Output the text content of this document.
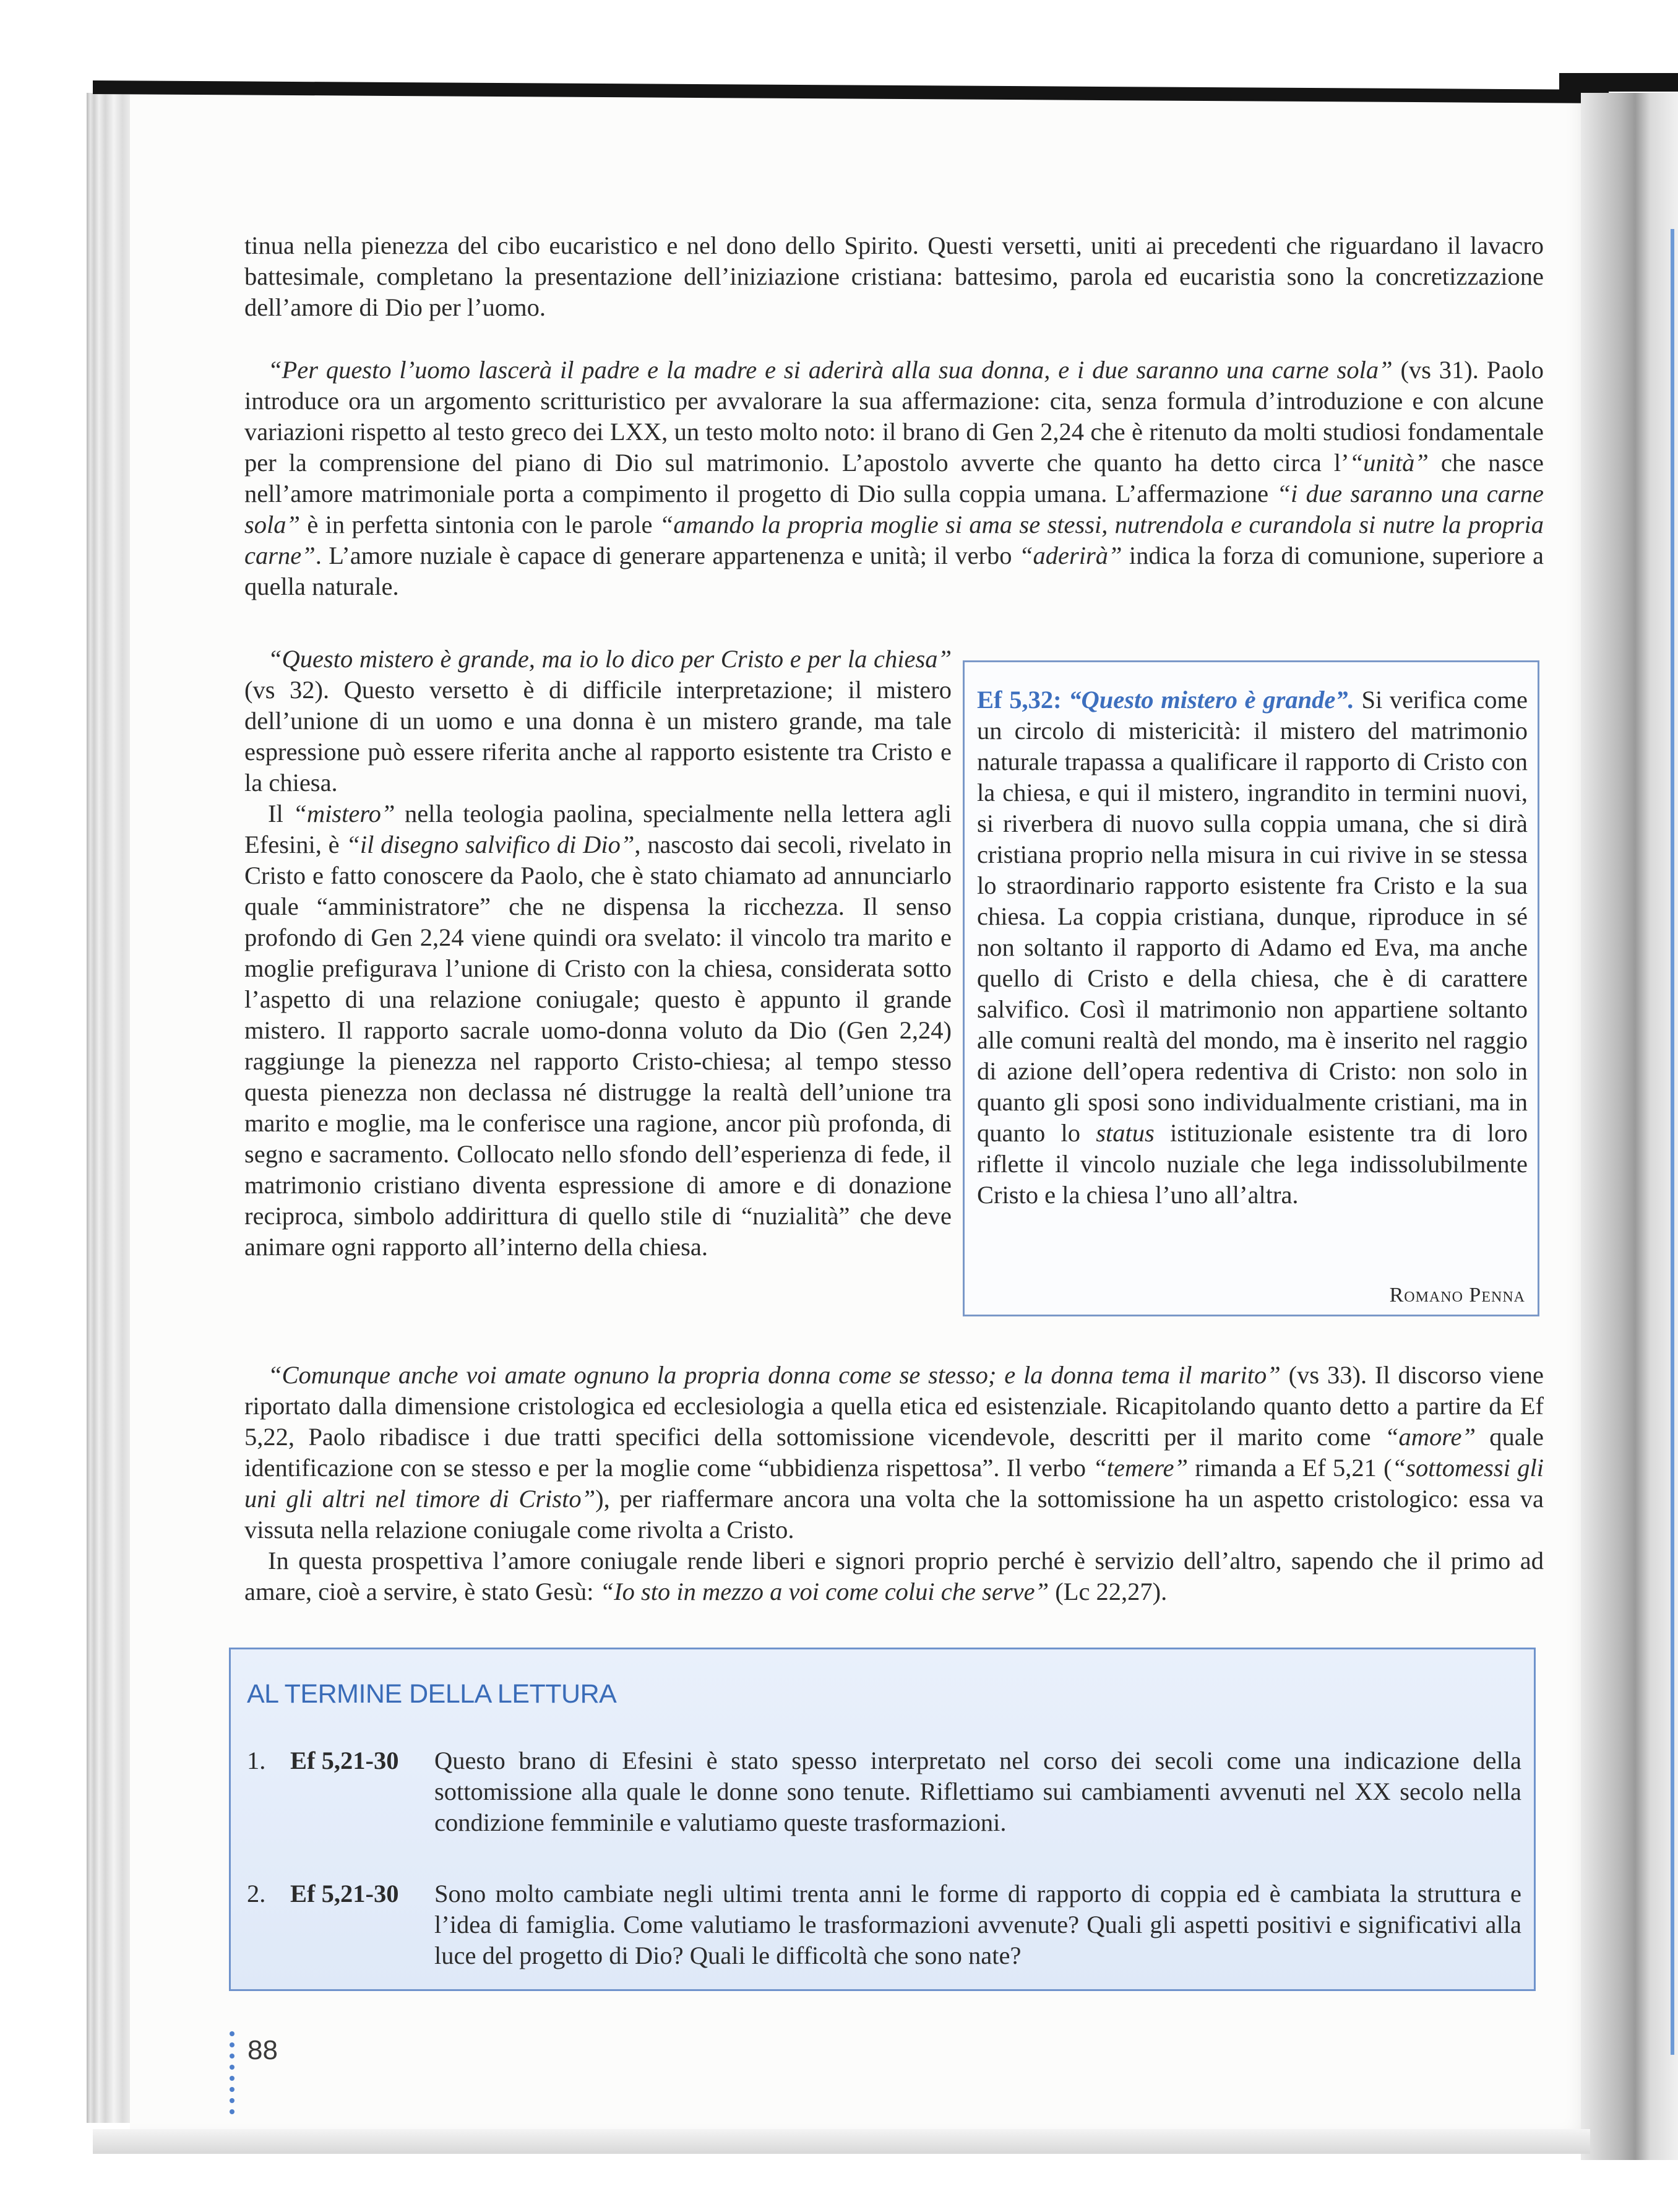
tinua nella pienezza del cibo eucaristico e nel dono dello Spirito. Questi versetti, uniti ai precedenti che riguardano il lavacro battesimale, completano la presentazione dell’iniziazione cristiana: battesimo, parola ed eucaristia sono la concretizzazione dell’amore di Dio per l’uomo.

“Per questo l’uomo lascerà il padre e la madre e si aderirà alla sua donna, e i due saranno una carne sola” (vs 31). Paolo introduce ora un argomento scritturistico per avvalorare la sua affermazione: cita, senza formula d’introduzione e con alcune variazioni rispetto al testo greco dei LXX, un testo molto noto: il brano di Gen 2,24 che è ritenuto da molti studiosi fondamentale per la comprensione del piano di Dio sul matrimonio. L’apostolo avverte che quanto ha detto circa l’“unità” che nasce nell’amore matrimoniale porta a compimento il progetto di Dio sulla coppia umana. L’affermazione “i due saranno una carne sola” è in perfetta sintonia con le parole “amando la propria moglie si ama se stessi, nutrendola e curandola si nutre la propria carne”. L’amore nuziale è capace di generare appartenenza e unità; il verbo “aderirà” indica la forza di comunione, superiore a quella naturale.

“Questo mistero è grande, ma io lo dico per Cristo e per la chiesa” (vs 32). Questo versetto è di difficile interpretazione; il mistero dell’unione di un uomo e una donna è un mistero grande, ma tale espressione può essere riferita anche al rapporto esistente tra Cristo e la chiesa.

Il “mistero” nella teologia paolina, specialmente nella lettera agli Efesini, è “il disegno salvifico di Dio”, nascosto dai secoli, rivelato in Cristo e fatto conoscere da Paolo, che è stato chiamato ad annunciarlo quale “amministratore” che ne dispensa la ricchezza. Il senso profondo di Gen 2,24 viene quindi ora svelato: il vincolo tra marito e moglie prefigurava l’unione di Cristo con la chiesa, considerata sotto l’aspetto di una relazione coniugale; questo è appunto il grande mistero. Il rapporto sacrale uomo-donna voluto da Dio (Gen 2,24) raggiunge la pienezza nel rapporto Cristo-chiesa; al tempo stesso questa pienezza non declassa né distrugge la realtà dell’unione tra marito e moglie, ma le conferisce una ragione, ancor più profonda, di segno e sacramento. Collocato nello sfondo dell’esperienza di fede, il matrimonio cristiano diventa espressione di amore e di donazione reciproca, simbolo addirittura di quello stile di “nuzialità” che deve animare ogni rapporto all’interno della chiesa.

Ef 5,32: “Questo mistero è grande”. Si verifica come un circolo di mistericità: il mistero del matrimonio naturale trapassa a qualificare il rapporto di Cristo con la chiesa, e qui il mistero, ingrandito in termini nuovi, si riverbera di nuovo sulla coppia umana, che si dirà cristiana proprio nella misura in cui rivive in se stessa lo straordinario rapporto esistente fra Cristo e la sua chiesa. La coppia cristiana, dunque, riproduce in sé non soltanto il rapporto di Adamo ed Eva, ma anche quello di Cristo e della chiesa, che è di carattere salvifico. Così il matrimonio non appartiene soltanto alle comuni realtà del mondo, ma è inserito nel raggio di azione dell’opera redentiva di Cristo: non solo in quanto gli sposi sono individualmente cristiani, ma in quanto lo status istituzionale esistente tra di loro riflette il vincolo nuziale che lega indissolubilmente Cristo e la chiesa l’uno all’altra.
Romano Penna

“Comunque anche voi amate ognuno la propria donna come se stesso; e la donna tema il marito” (vs 33). Il discorso viene riportato dalla dimensione cristologica ed ecclesiologia a quella etica ed esistenziale. Ricapitolando quanto detto a partire da Ef 5,22, Paolo ribadisce i due tratti specifici della sottomissione vicendevole, descritti per il marito come “amore” quale identificazione con se stesso e per la moglie come “ubbidienza rispettosa”. Il verbo “temere” rimanda a Ef 5,21 (“sottomessi gli uni gli altri nel timore di Cristo”), per riaffermare ancora una volta che la sottomissione ha un aspetto cristologico: essa va vissuta nella relazione coniugale come rivolta a Cristo.

In questa prospettiva l’amore coniugale rende liberi e signori proprio perché è servizio dell’altro, sapendo che il primo ad amare, cioè a servire, è stato Gesù: “Io sto in mezzo a voi come colui che serve” (Lc 22,27).

AL TERMINE DELLA LETTURA
1. Ef 5,21-30 Questo brano di Efesini è stato spesso interpretato nel corso dei secoli come una indicazione della sottomissione alla quale le donne sono tenute. Riflettiamo sui cambiamenti avvenuti nel XX secolo nella condizione femminile e valutiamo queste trasformazioni.
2. Ef 5,21-30 Sono molto cambiate negli ultimi trenta anni le forme di rapporto di coppia ed è cambiata la struttura e l’idea di famiglia. Come valutiamo le trasformazioni avvenute? Quali gli aspetti positivi e significativi alla luce del progetto di Dio? Quali le difficoltà che sono nate?
88
